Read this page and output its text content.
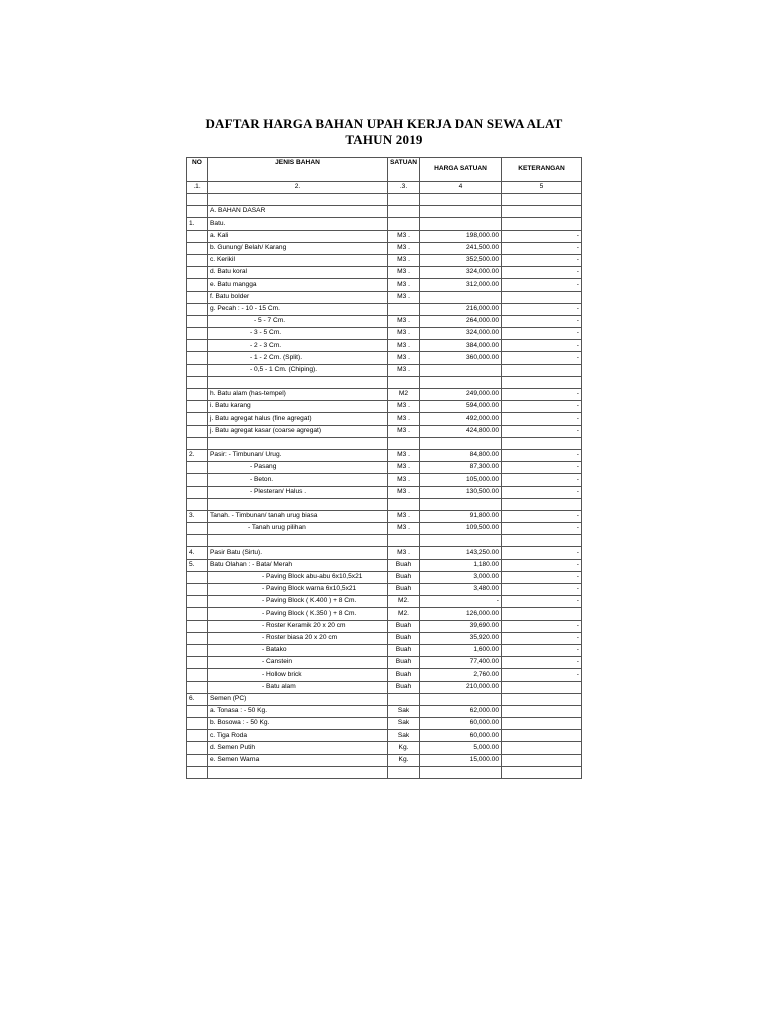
DAFTAR HARGA BAHAN UPAH KERJA DAN SEWA ALAT
TAHUN 2019
NO	JENIS BAHAN	SATUAN	HARGA SATUAN	KETERANGAN
.1.	2.	.3.	4	5

	A. BAHAN DASAR			
1.	Batu.			
	a. Kali	M3 .	198,000.00	-
	b. Gunung/ Belah/ Karang	M3 .	241,500.00	-
	c. Kerikil	M3 .	352,500.00	-
	d. Batu koral	M3 .	324,000.00	-
	e. Batu mangga	M3 .	312,000.00	-
	f. Batu bolder	M3 .		
	g. Pecah : - 10 - 15 Cm.		216,000.00	-
	- 5 - 7 Cm.	M3 .	264,000.00	-
	- 3 - 5 Cm.	M3 .	324,000.00	-
	- 2 - 3 Cm.	M3 .	384,000.00	-
	- 1 - 2 Cm. (Split).	M3 .	360,000.00	-
	- 0,5 - 1 Cm. (Chiping).	M3 .		

	h. Batu alam (has-tempel)	M2	249,000.00	-
	i. Batu karang	M3 .	594,000.00	-
	j. Batu agregat halus (fine agregat)	M3 .	492,000.00	-
	j. Batu agregat kasar (coarse agregat)	M3 .	424,800.00	-

2.	Pasir: - Timbunan/ Urug.	M3 .	84,800.00	-
	- Pasang	M3 .	87,300.00	-
	- Beton.	M3 .	105,000.00	-
	- Plesteran/ Halus .	M3 .	130,500.00	-

3.	Tanah. - Timbunan/ tanah urug biasa	M3 .	91,800.00	-
	- Tanah urug pilihan	M3 .	109,500.00	-

4.	Pasir Batu (Sirtu).	M3 .	143,250.00	-
5.	Batu Olahan : - Bata/ Merah	Buah	1,180.00	-
	- Paving Block abu-abu 6x10,5x21	Buah	3,000.00	-
	- Paving Block warna 6x10,5x21	Buah	3,480.00	-
	- Paving Block ( K.400 ) + 8 Cm.	M2.	-	-
	- Paving Block ( K.350 ) + 8 Cm.	M2.	126,000.00	
	- Roster Keramik 20 x 20 cm	Buah	39,690.00	-
	- Roster biasa 20 x 20 cm	Buah	35,920.00	-
	- Batako	Buah	1,600.00	-
	- Canstein	Buah	77,400.00	-
	- Hollow brick	Buah	2,760.00	-
	- Batu alam	Buah	210,000.00	
6.	Semen (PC)			
	a. Tonasa : - 50 Kg.	Sak	62,000.00	
	b. Bosowa : - 50 Kg.	Sak	60,000.00	
	c. Tiga Roda	Sak	60,000.00	
	d. Semen Putih	Kg.	5,000.00	
	e. Semen Warna	Kg.	15,000.00	
